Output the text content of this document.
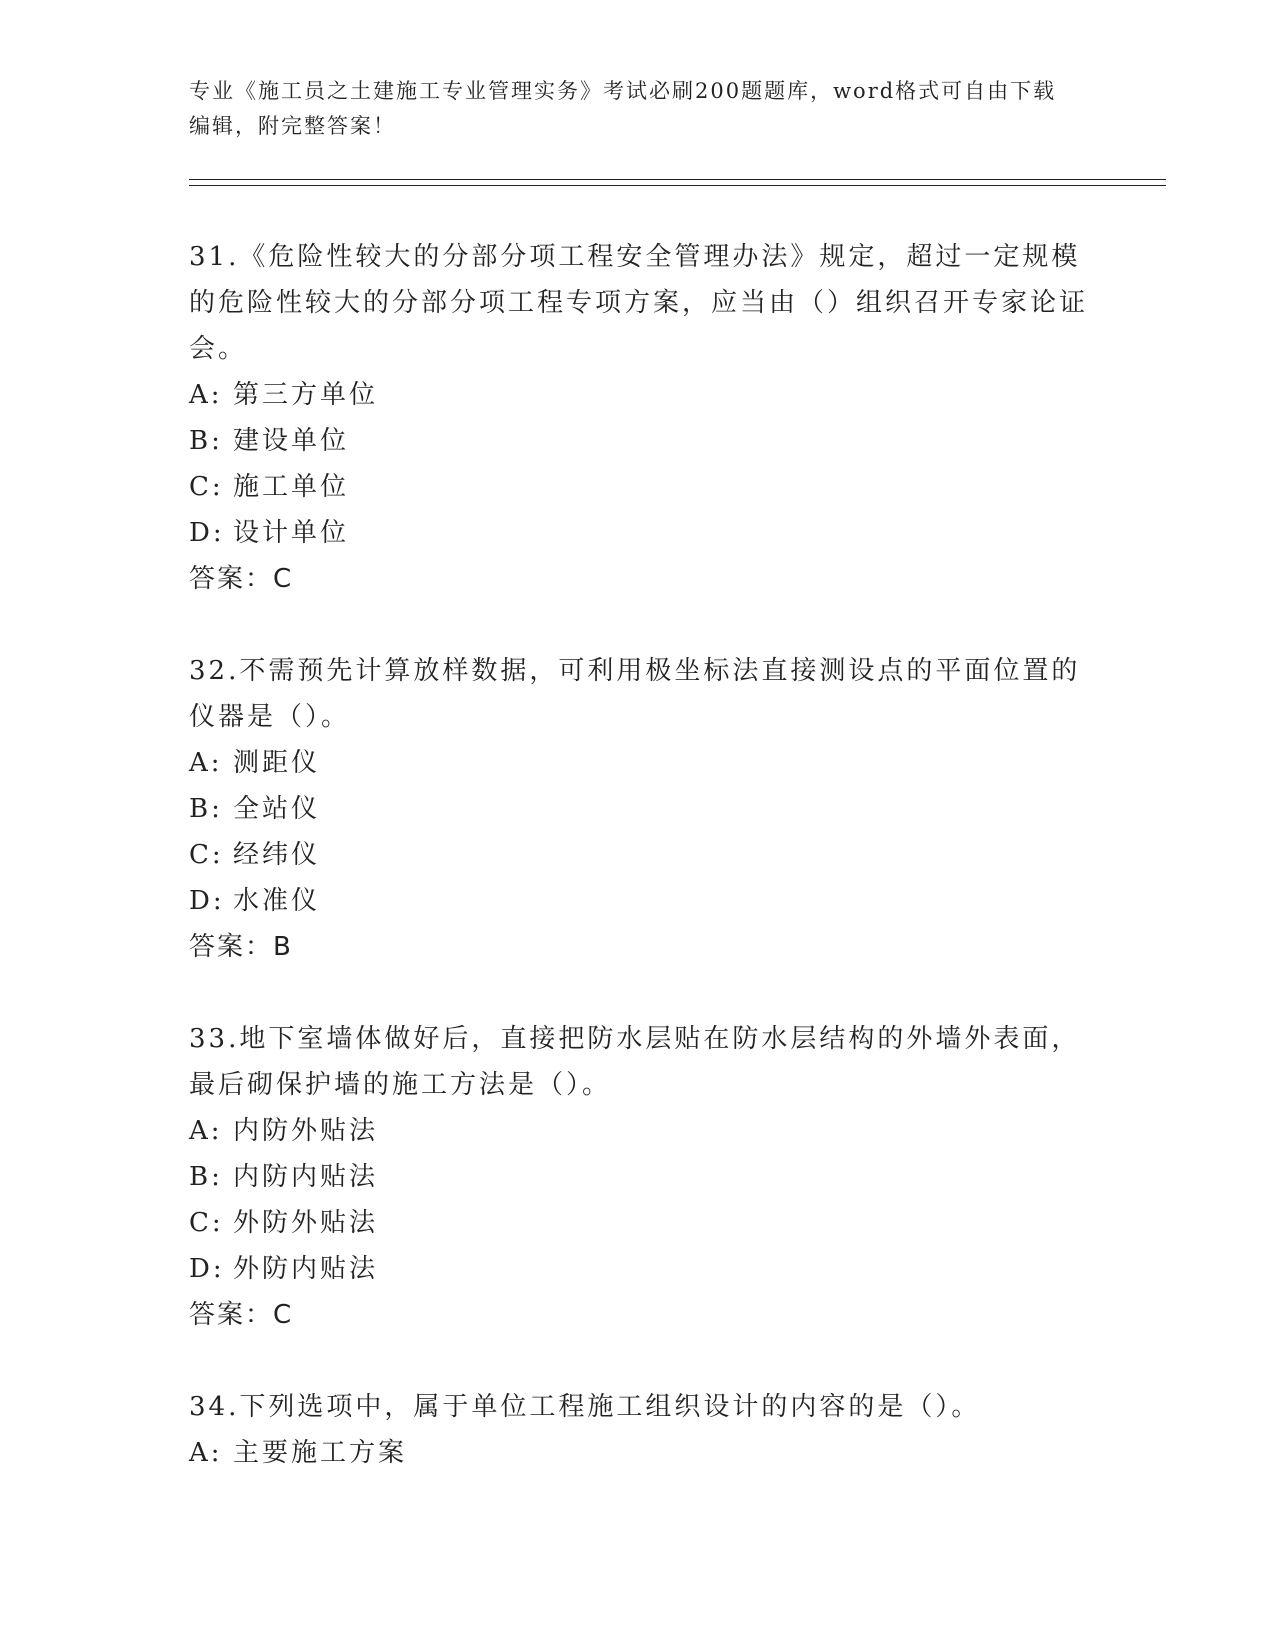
专业《施工员之土建施工专业管理实务》考试必刷200题题库，word格式可自由下载编辑，附完整答案！

31.《危险性较大的分部分项工程安全管理办法》规定，超过一定规模的危险性较大的分部分项工程专项方案，应当由（）组织召开专家论证会。

A: 第三方单位

B: 建设单位

C: 施工单位

D: 设计单位

答案：C

32.不需预先计算放样数据，可利用极坐标法直接测设点的平面位置的仪器是（）。

A: 测距仪

B: 全站仪

C: 经纬仪

D: 水准仪

答案：B

33.地下室墙体做好后，直接把防水层贴在防水层结构的外墙外表面，最后砌保护墙的施工方法是（）。

A: 内防外贴法

B: 内防内贴法

C: 外防外贴法

D: 外防内贴法

答案：C

34.下列选项中，属于单位工程施工组织设计的内容的是（）。

A: 主要施工方案
